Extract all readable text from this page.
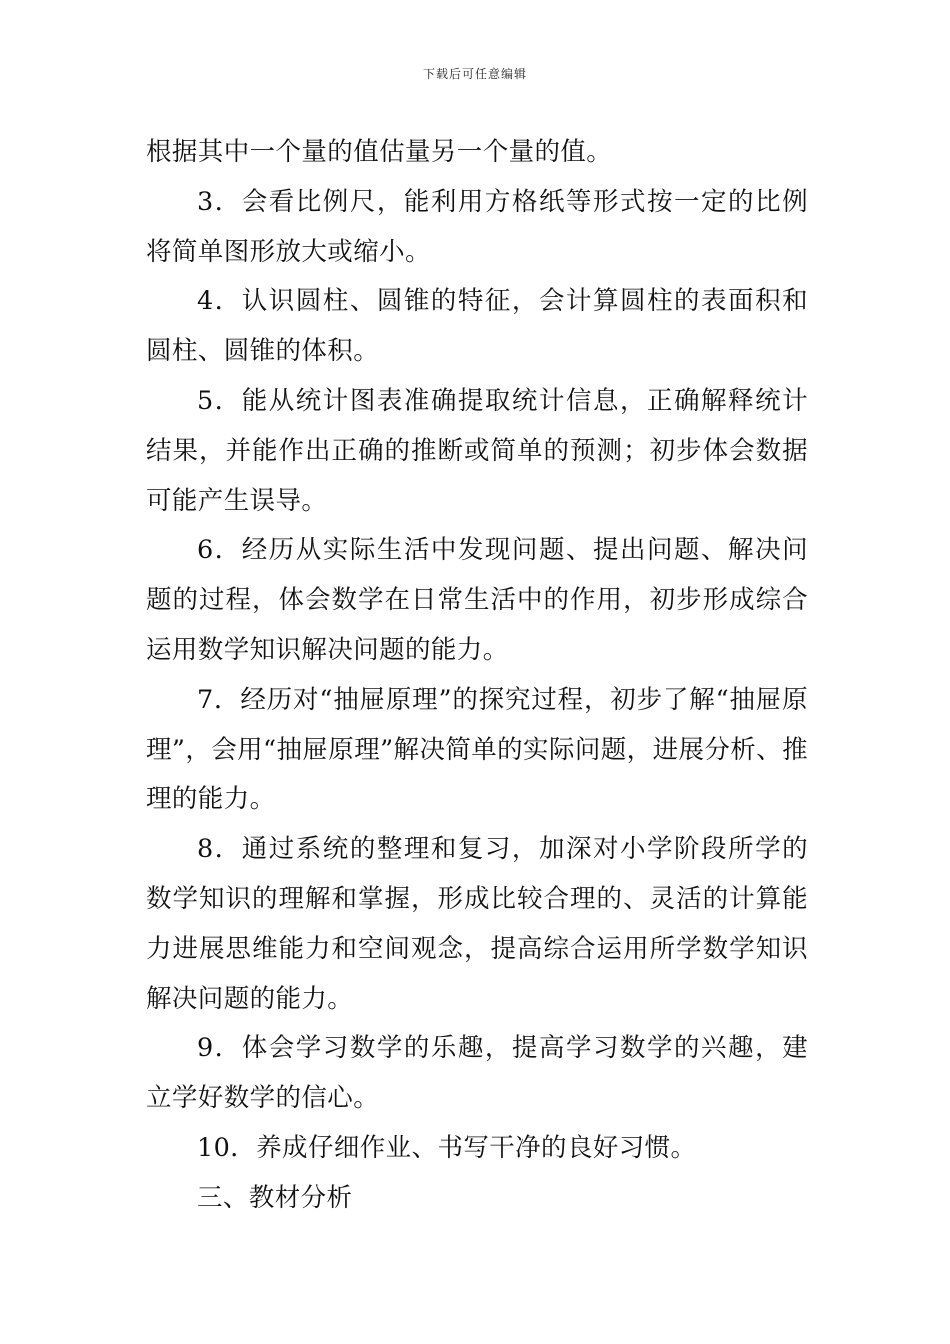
下载后可任意编辑

根据其中一个量的值估量另一个量的值。

3．会看比例尺，能利用方格纸等形式按一定的比例将简单图形放大或缩小。

4．认识圆柱、圆锥的特征，会计算圆柱的表面积和圆柱、圆锥的体积。

5．能从统计图表准确提取统计信息，正确解释统计结果，并能作出正确的推断或简单的预测；初步体会数据可能产生误导。

6．经历从实际生活中发现问题、提出问题、解决问题的过程，体会数学在日常生活中的作用，初步形成综合运用数学知识解决问题的能力。

7．经历对“抽屉原理”的探究过程，初步了解“抽屉原理”，会用“抽屉原理”解决简单的实际问题，进展分析、推理的能力。

8．通过系统的整理和复习，加深对小学阶段所学的数学知识的理解和掌握，形成比较合理的、灵活的计算能力进展思维能力和空间观念，提高综合运用所学数学知识解决问题的能力。

9．体会学习数学的乐趣，提高学习数学的兴趣，建立学好数学的信心。

10．养成仔细作业、书写干净的良好习惯。

三、教材分析
